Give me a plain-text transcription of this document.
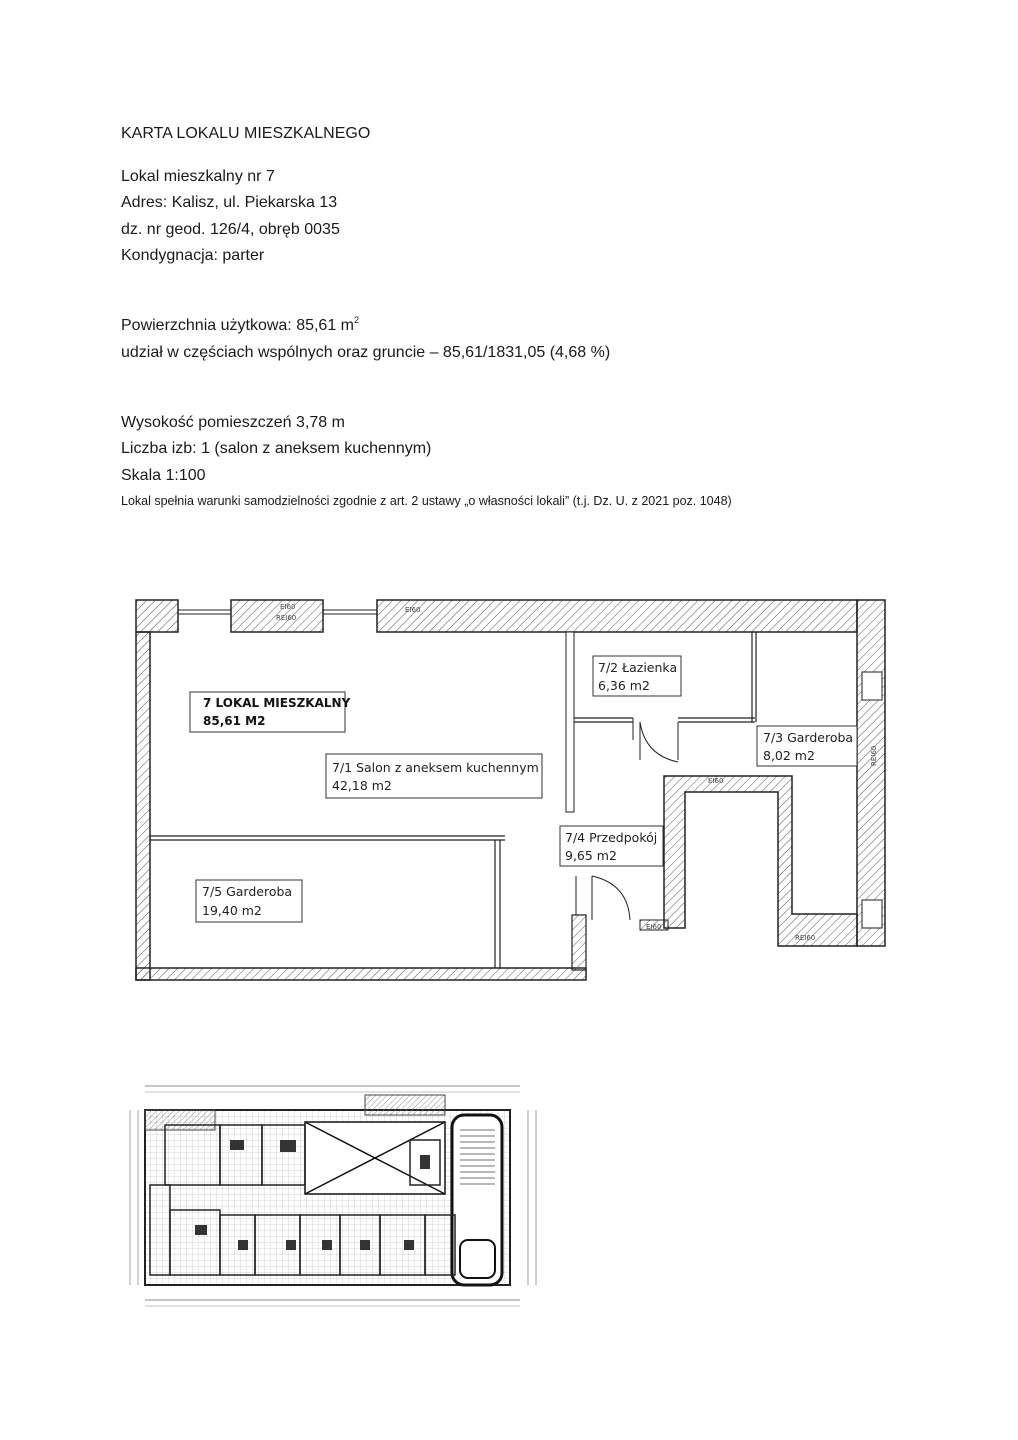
KARTA LOKALU MIESZKALNEGO
Lokal mieszkalny nr 7
Adres: Kalisz, ul. Piekarska 13
dz. nr geod. 126/4, obręb 0035
Kondygnacja: parter
Powierzchnia użytkowa: 85,61 $m^2$
udział w częściach wspólnych oraz gruncie – 85,61/1831,05 (4,68 %)
Wysokość pomieszczeń 3,78 m
Liczba izb: 1 (salon z aneksem kuchennym)
Skala 1:100
Lokal spełnia warunki samodzielności zgodnie z art. 2 ustawy „o własności lokali” (t.j. Dz. U. z 2021 poz. 1048)
7 LOKAL MIESZKALNY
85,61 M2
7/1 Salon z aneksem kuchennym
42,18 m2
7/2 Łazienka
6,36 m2
7/3 Garderoba
8,02 m2
7/4 Przedpokój
9,65 m2
7/5 Garderoba
19,40 m2
EI60
REI60
EI60
EI60
REI60
EI60
REI60
